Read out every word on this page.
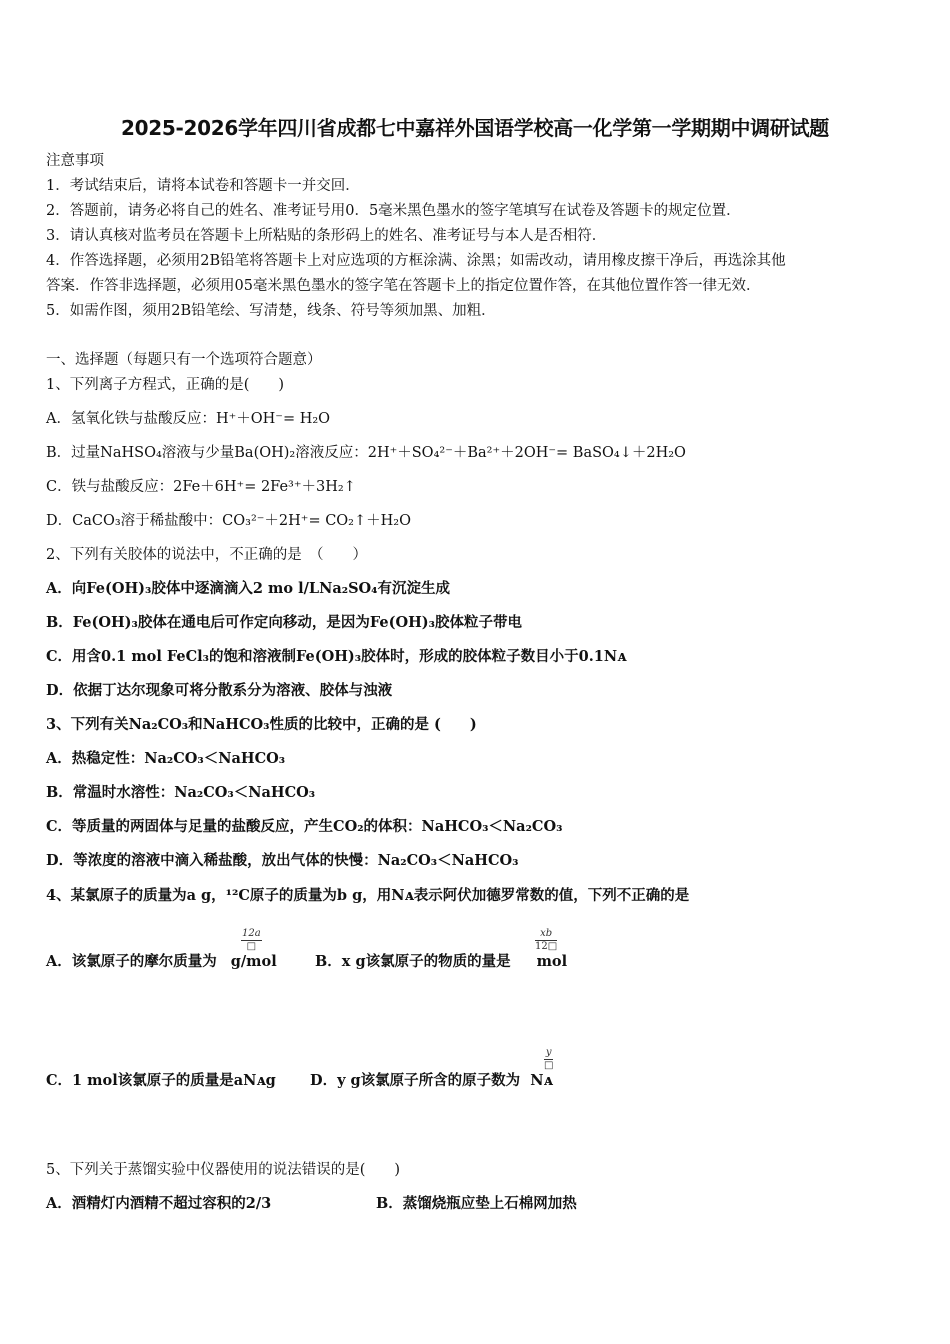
2025-2026学年四川省成都七中嘉祥外国语学校高一化学第一学期期中调研试题
注意事项
1．考试结束后，请将本试卷和答题卡一并交回．
2．答题前，请务必将自己的姓名、准考证号用0．5毫米黑色墨水的签字笔填写在试卷及答题卡的规定位置．
3．请认真核对监考员在答题卡上所粘贴的条形码上的姓名、准考证号与本人是否相符．
4．作答选择题，必须用2B铅笔将答题卡上对应选项的方框涂满、涂黑；如需改动，请用橡皮擦干净后，再选涂其他
答案．作答非选择题，必须用05毫米黑色墨水的签字笔在答题卡上的指定位置作答，在其他位置作答一律无效．
5．如需作图，须用2B铅笔绘、写清楚，线条、符号等须加黑、加粗．
一、选择题（每题只有一个选项符合题意）
1、下列离子方程式，正确的是(　　)
A．氢氧化铁与盐酸反应：H⁺＋OH⁻= H₂O
B．过量NaHSO₄溶液与少量Ba(OH)₂溶液反应：2H⁺＋SO₄²⁻＋Ba²⁺＋2OH⁻= BaSO₄↓＋2H₂O
C．铁与盐酸反应：2Fe＋6H⁺= 2Fe³⁺＋3H₂↑
D．CaCO₃溶于稀盐酸中：CO₃²⁻＋2H⁺= CO₂↑＋H₂O
2、下列有关胶体的说法中，不正确的是　（　　）
A．向Fe(OH)₃胶体中逐滴滴入2 mo l/LNa₂SO₄有沉淀生成
B．Fe(OH)₃胶体在通电后可作定向移动，是因为Fe(OH)₃胶体粒子带电
C．用含0.1 mol FeCl₃的饱和溶液制Fe(OH)₃胶体时，形成的胶体粒子数目小于0.1Nᴀ
D．依据丁达尔现象可将分散系分为溶液、胶体与浊液
3、下列有关Na₂CO₃和NaHCO₃性质的比较中，正确的是 (　　)
A．热稳定性：Na₂CO₃＜NaHCO₃
B．常温时水溶性：Na₂CO₃＜NaHCO₃
C．等质量的两固体与足量的盐酸反应，产生CO₂的体积：NaHCO₃＜Na₂CO₃
D．等浓度的溶液中滴入稀盐酸，放出气体的快慢：Na₂CO₃＜NaHCO₃
4、某氯原子的质量为a g，¹²C原子的质量为b g，用Nᴀ表示阿伏加德罗常数的值，下列不正确的是
A．该氯原子的摩尔质量为 g/mol
12a
□
B．x g该氯原子的物质的量是 mol
$\frac{xb}{12□}$
C．1 mol该氯原子的质量是aNᴀg D．y g该氯原子所含的原子数为 Nᴀ
y
□
5、下列关于蒸馏实验中仪器使用的说法错误的是(　　)
A．酒精灯内酒精不超过容积的2/3	B．蒸馏烧瓶应垫上石棉网加热
